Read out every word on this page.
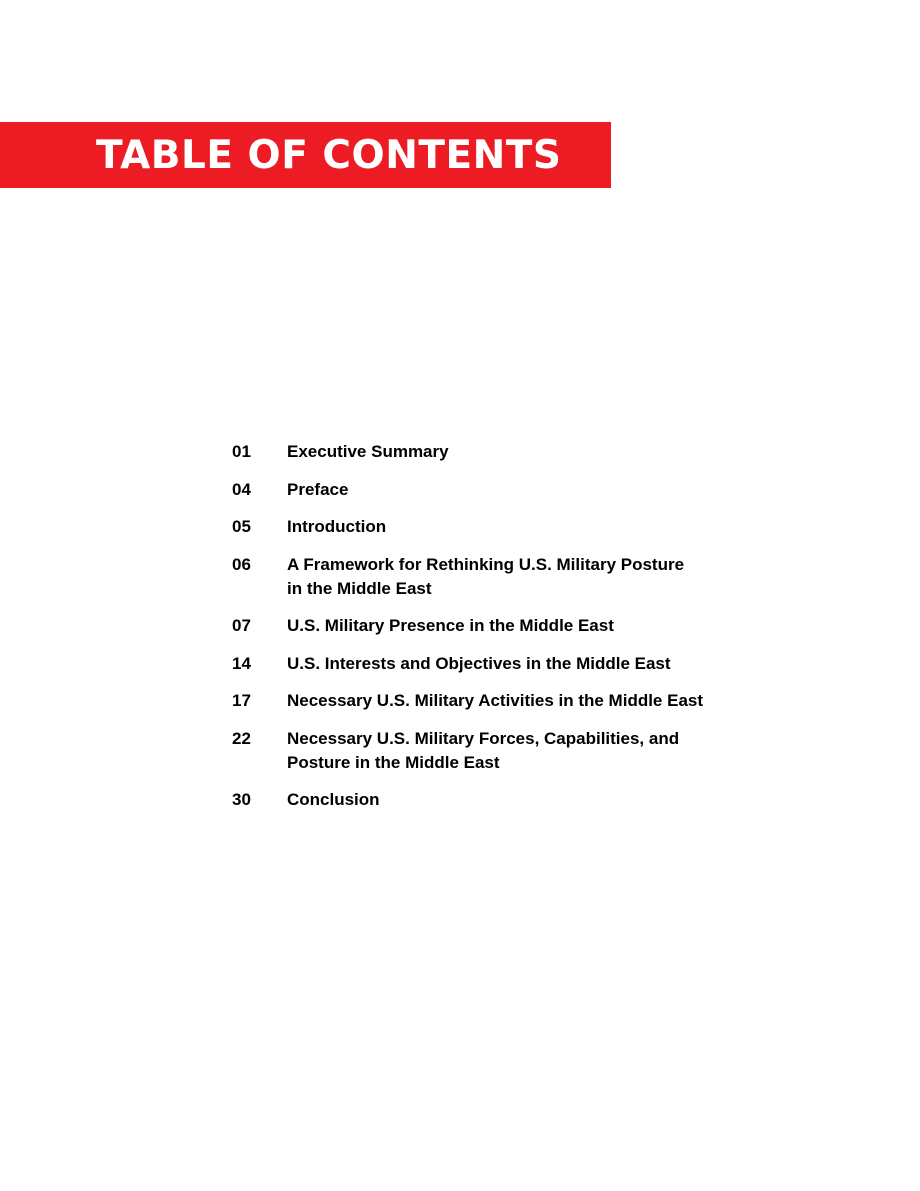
TABLE OF CONTENTS
01	Executive Summary
04	Preface
05	Introduction
06	A Framework for Rethinking U.S. Military Posture
in the Middle East
07	U.S. Military Presence in the Middle East
14	U.S. Interests and Objectives in the Middle East
17	Necessary U.S. Military Activities in the Middle East
22	Necessary U.S. Military Forces, Capabilities, and
Posture in the Middle East
30	Conclusion
